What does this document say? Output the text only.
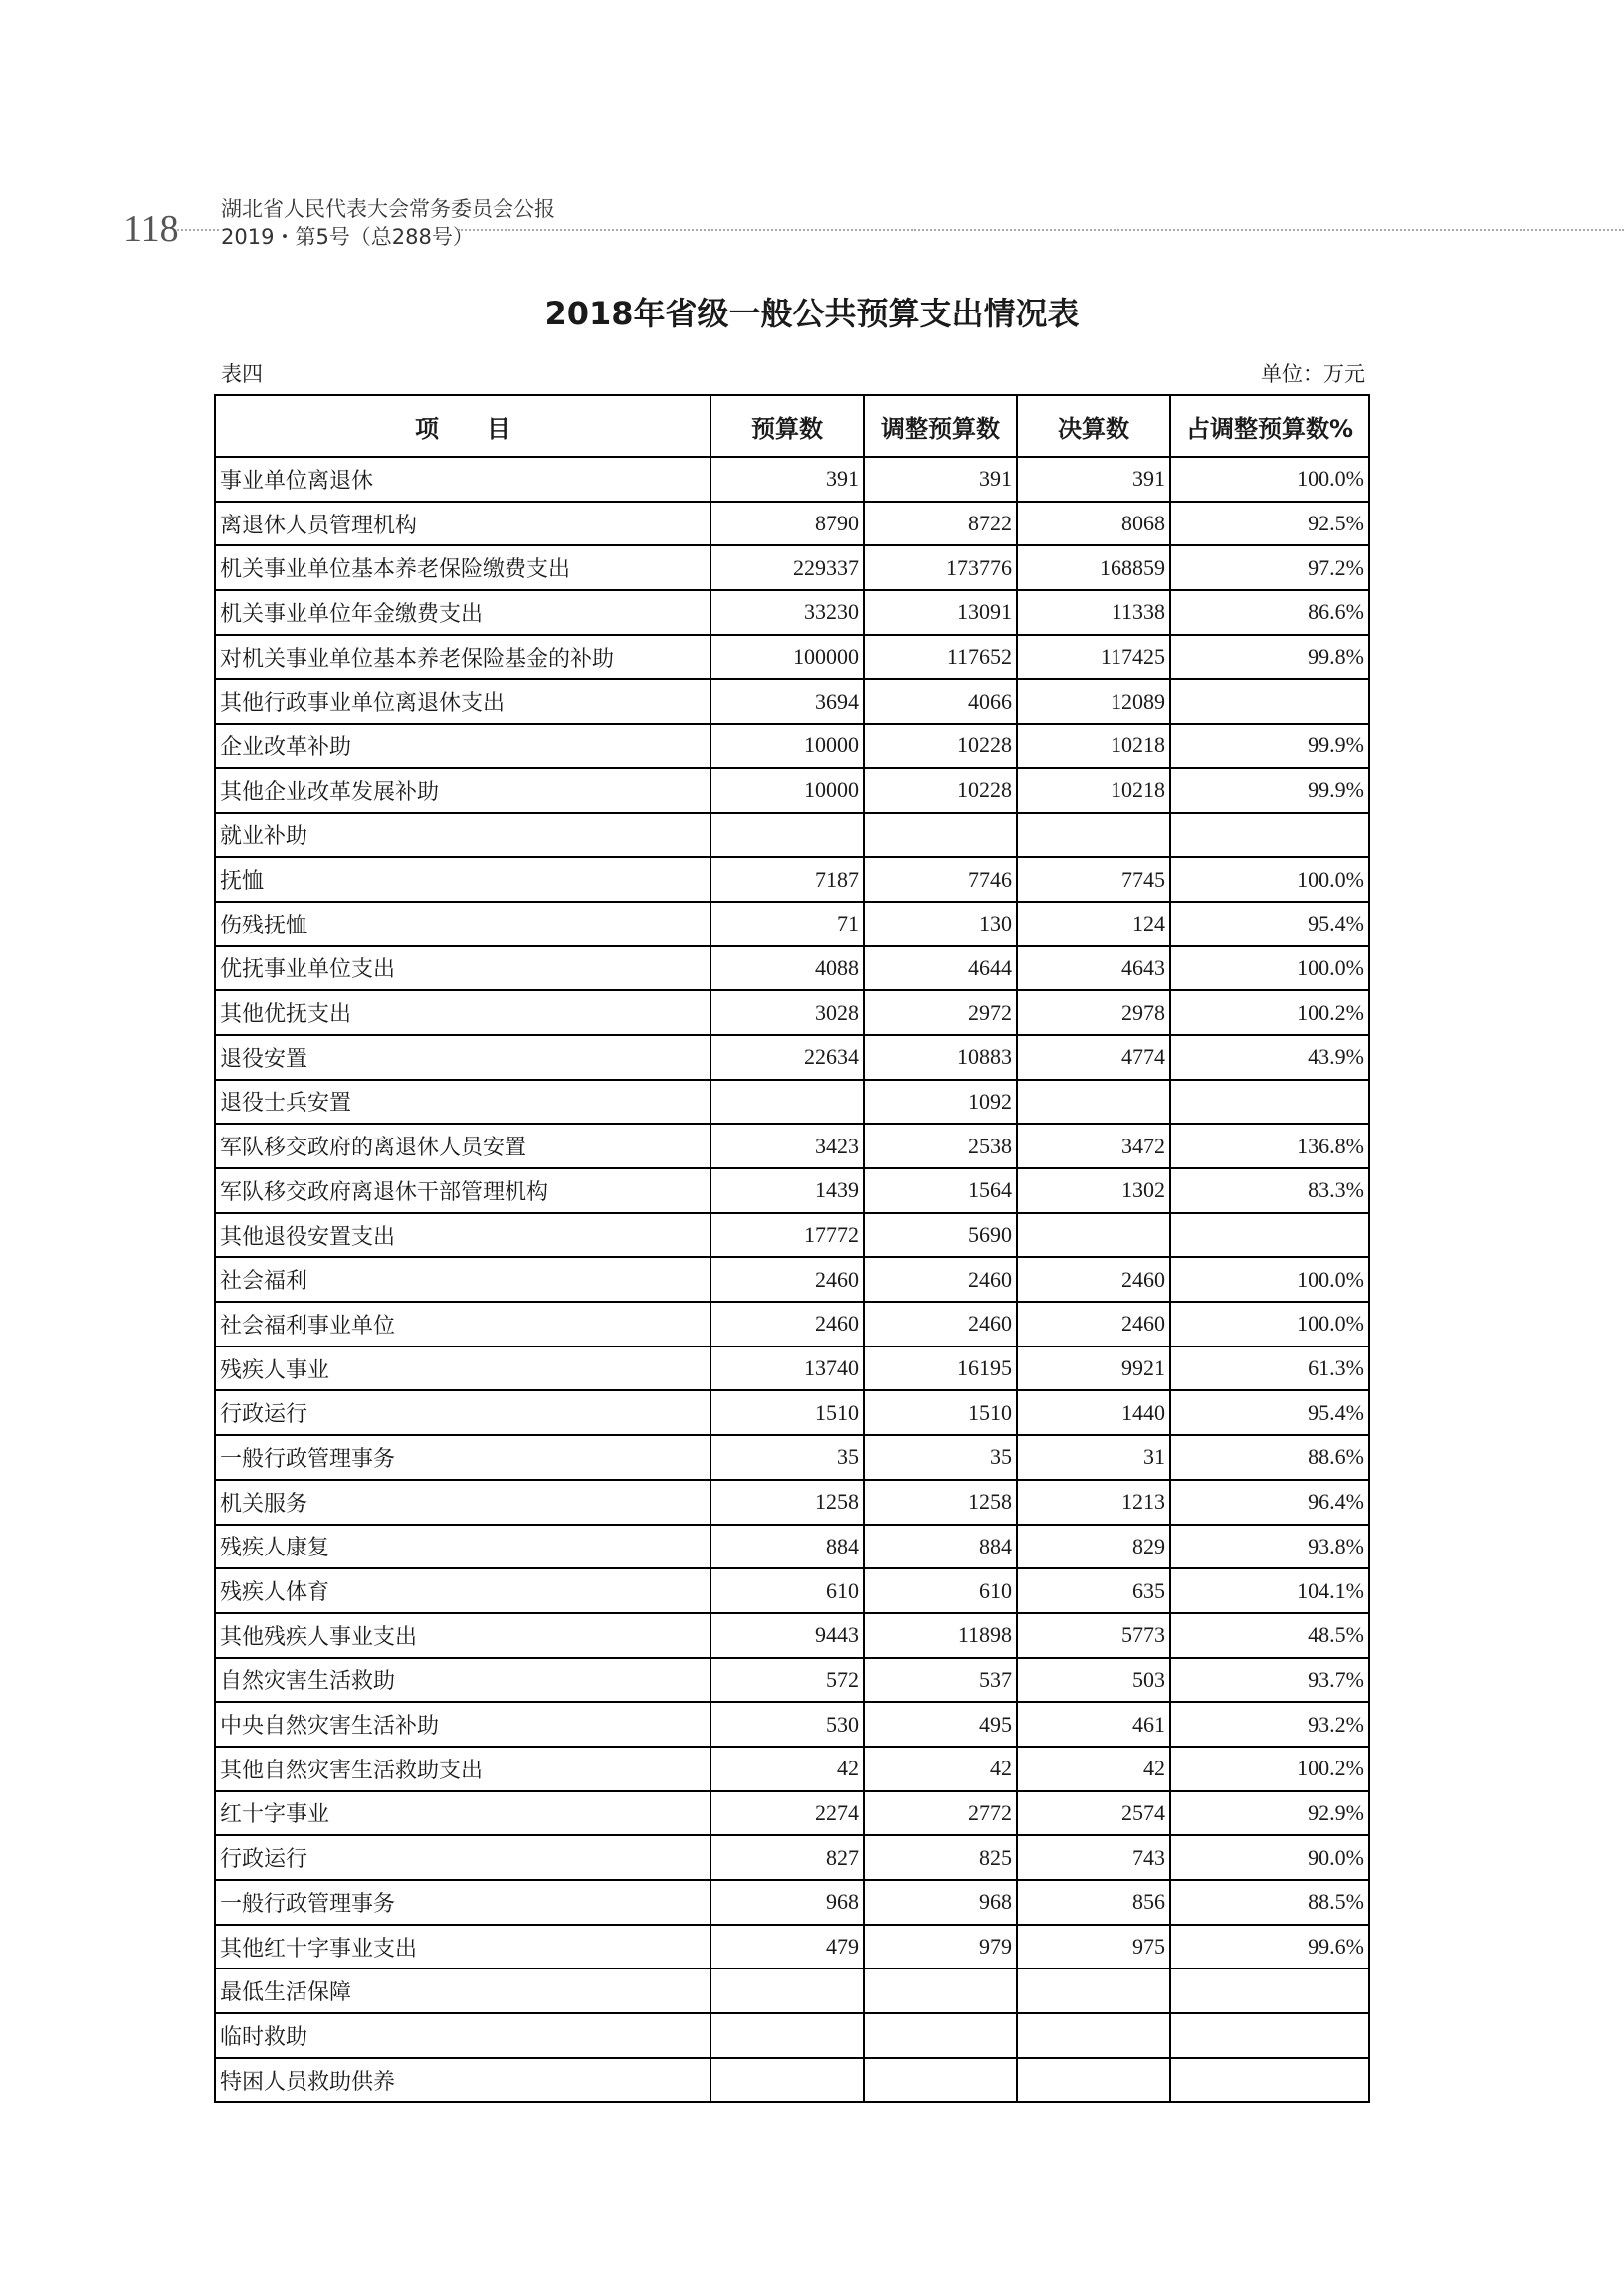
118 湖北省人民代表大会常务委员会公报
2019・第5号（总288号）
2018年省级一般公共预算支出情况表
表四	单位：万元
项　　目	预算数	调整预算数	决算数	占调整预算数%
事业单位离退休	391	391	391	100.0%
离退休人员管理机构	8790	8722	8068	92.5%
机关事业单位基本养老保险缴费支出	229337	173776	168859	97.2%
机关事业单位年金缴费支出	33230	13091	11338	86.6%
对机关事业单位基本养老保险基金的补助	100000	117652	117425	99.8%
其他行政事业单位离退休支出	3694	4066	12089	
企业改革补助	10000	10228	10218	99.9%
其他企业改革发展补助	10000	10228	10218	99.9%
就业补助				
抚恤	7187	7746	7745	100.0%
伤残抚恤	71	130	124	95.4%
优抚事业单位支出	4088	4644	4643	100.0%
其他优抚支出	3028	2972	2978	100.2%
退役安置	22634	10883	4774	43.9%
退役士兵安置		1092		
军队移交政府的离退休人员安置	3423	2538	3472	136.8%
军队移交政府离退休干部管理机构	1439	1564	1302	83.3%
其他退役安置支出	17772	5690		
社会福利	2460	2460	2460	100.0%
社会福利事业单位	2460	2460	2460	100.0%
残疾人事业	13740	16195	9921	61.3%
行政运行	1510	1510	1440	95.4%
一般行政管理事务	35	35	31	88.6%
机关服务	1258	1258	1213	96.4%
残疾人康复	884	884	829	93.8%
残疾人体育	610	610	635	104.1%
其他残疾人事业支出	9443	11898	5773	48.5%
自然灾害生活救助	572	537	503	93.7%
中央自然灾害生活补助	530	495	461	93.2%
其他自然灾害生活救助支出	42	42	42	100.2%
红十字事业	2274	2772	2574	92.9%
行政运行	827	825	743	90.0%
一般行政管理事务	968	968	856	88.5%
其他红十字事业支出	479	979	975	99.6%
最低生活保障				
临时救助				
特困人员救助供养				
